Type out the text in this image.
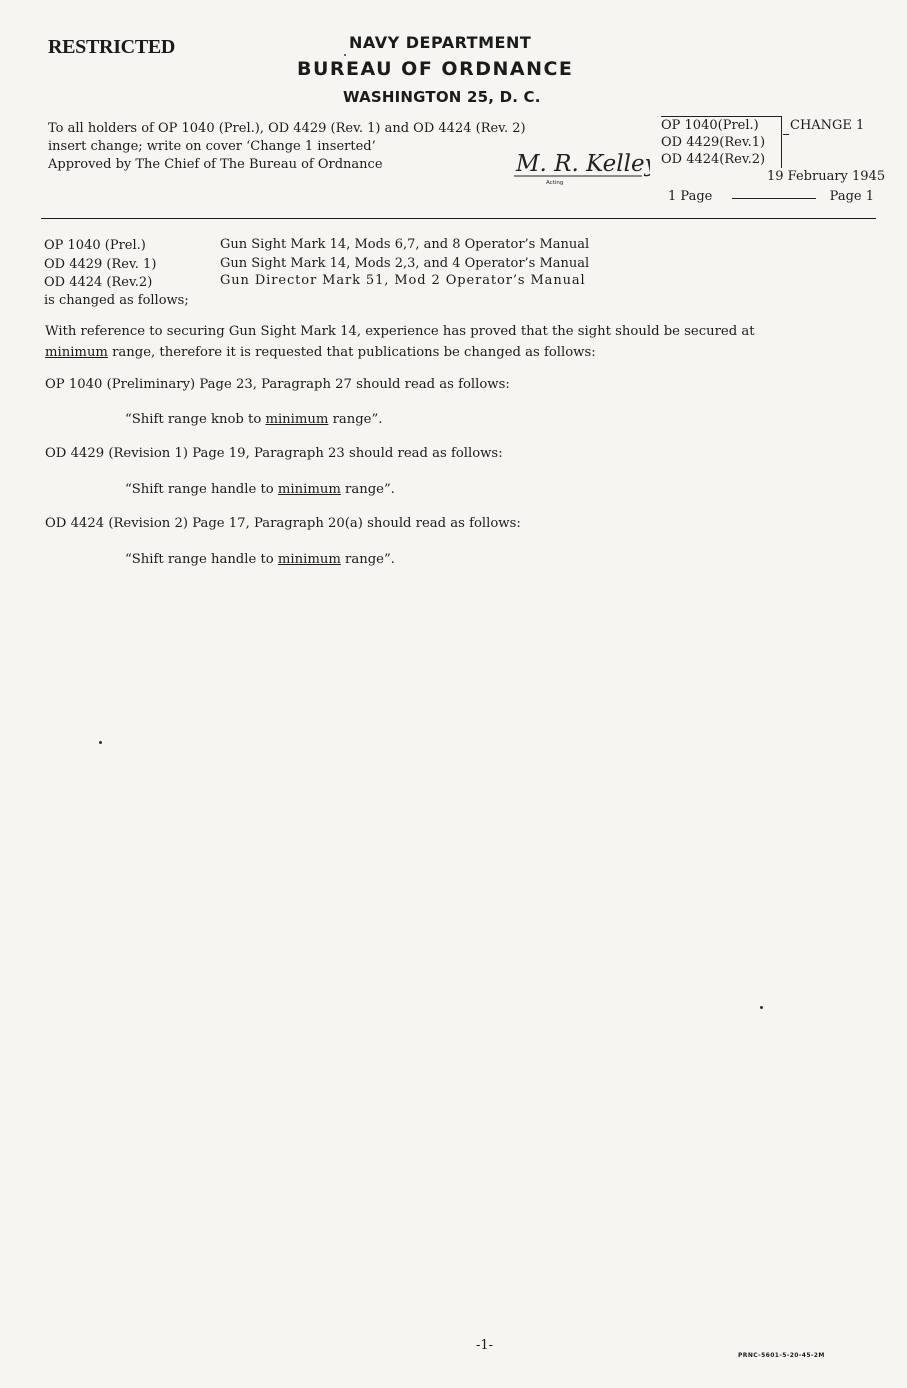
RESTRICTED	NAVY DEPARTMENT
BUREAU OF ORDNANCE
WASHINGTON 25, D. C.
To all holders of OP 1040 (Prel.), OD 4429 (Rev. 1) and OD 4424 (Rev. 2)
insert change; write on cover ‘Change 1 inserted’
Approved by The Chief of The Bureau of Ordnance	M. R. Kelley
Acting
OP 1040(Prel.)
OD 4429(Rev.1)
OD 4424(Rev.2)
CHANGE 1
19 February 1945
1 Page	Page 1
OP 1040 (Prel.)	Gun Sight Mark 14, Mods 6,7, and 8 Operator’s Manual
OD 4429 (Rev. 1)	Gun Sight Mark 14, Mods 2,3, and 4 Operator’s Manual
OD 4424 (Rev.2)	Gun Director Mark 51, Mod 2 Operator’s Manual
is changed as follows;
With reference to securing Gun Sight Mark 14, experience has proved that the sight should be secured at
minimum range, therefore it is requested that publications be changed as follows:
OP 1040 (Preliminary) Page 23, Paragraph 27 should read as follows:
“Shift range knob to minimum range”.
OD 4429 (Revision 1) Page 19, Paragraph 23 should read as follows:
“Shift range handle to minimum range”.
OD 4424 (Revision 2) Page 17, Paragraph 20(a) should read as follows:
“Shift range handle to minimum range”.
-1-
PRNC-5601-5-20-45-2M
